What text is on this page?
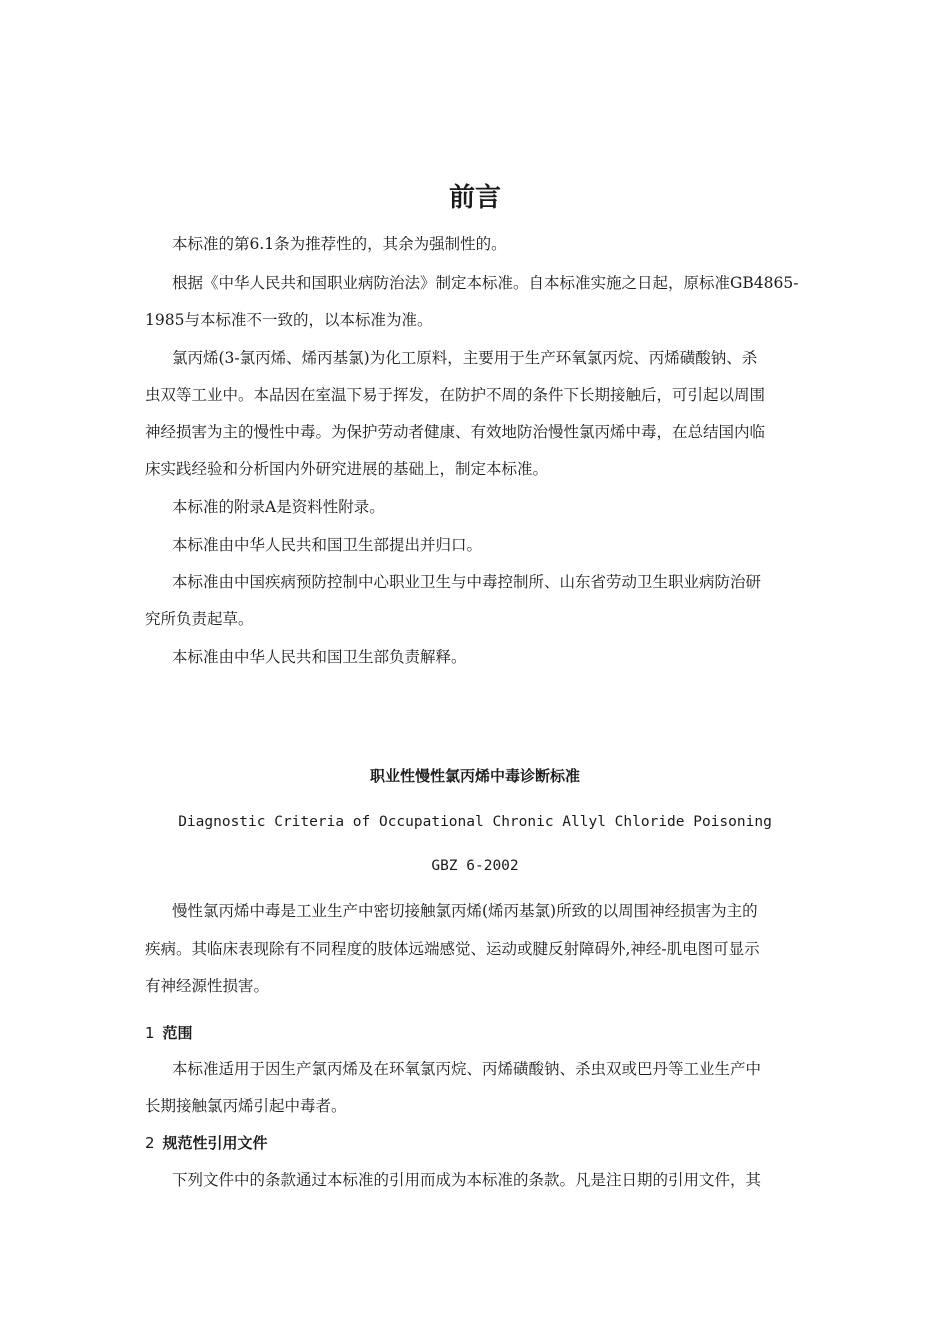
前言
本标准的第6.1条为推荐性的，其余为强制性的。
根据《中华人民共和国职业病防治法》制定本标准。自本标准实施之日起，原标准GB4865-
1985与本标准不一致的，以本标准为准。
氯丙烯(3-氯丙烯、烯丙基氯)为化工原料，主要用于生产环氧氯丙烷、丙烯磺酸钠、杀
虫双等工业中。本品因在室温下易于挥发，在防护不周的条件下长期接触后，可引起以周围
神经损害为主的慢性中毒。为保护劳动者健康、有效地防治慢性氯丙烯中毒，在总结国内临
床实践经验和分析国内外研究进展的基础上，制定本标准。
本标准的附录A是资料性附录。
本标准由中华人民共和国卫生部提出并归口。
本标准由中国疾病预防控制中心职业卫生与中毒控制所、山东省劳动卫生职业病防治研
究所负责起草。
本标准由中华人民共和国卫生部负责解释。
职业性慢性氯丙烯中毒诊断标准
Diagnostic Criteria of Occupational Chronic Allyl Chloride Poisoning
GBZ 6-2002
慢性氯丙烯中毒是工业生产中密切接触氯丙烯(烯丙基氯)所致的以周围神经损害为主的
疾病。其临床表现除有不同程度的肢体远端感觉、运动或腱反射障碍外,神经-肌电图可显示
有神经源性损害。
1 范围
本标准适用于因生产氯丙烯及在环氧氯丙烷、丙烯磺酸钠、杀虫双或巴丹等工业生产中
长期接触氯丙烯引起中毒者。
2 规范性引用文件
下列文件中的条款通过本标准的引用而成为本标准的条款。凡是注日期的引用文件，其
